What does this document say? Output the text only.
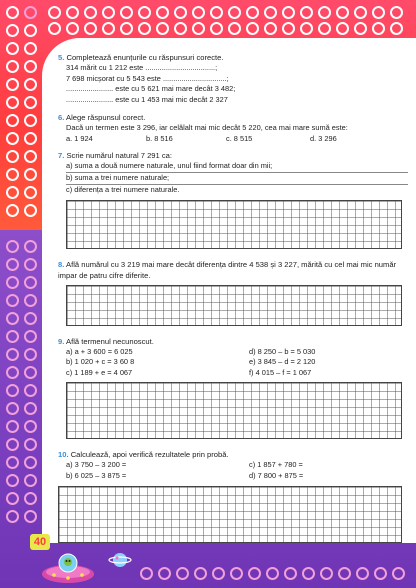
5. Completează enunțurile cu răspunsuri corecte.
314 mărit cu 1 212 este ..................................;
7 698 micșorat cu 5 543 este ...............................;
....................... este cu 5 621 mai mare decât 3 482;
....................... este cu 1 453 mai mic decât 2 327
6. Alege răspunsul corect.
Dacă un termen este 3 296, iar celălalt mai mic decât 5 220, cea mai mare sumă este:
a. 1 924	b. 8 516	c. 8 515	d. 3 296
7. Scrie numărul natural 7 291 ca:
a) suma a două numere naturale, unul fiind format doar din mii;
b) suma a trei numere naturale;
c) diferența a trei numere naturale.
8. Află numărul cu 3 219 mai mare decât diferența dintre 4 538 și 3 227, mărită cu cel mai mic număr impar de patru cifre diferite.
9. Află termenul necunoscut.
a) a + 3 600 = 6 025
b) 1 020 + c = 3 60 8
c) 1 189 + e = 4 067
d) 8 250 – b = 5 030
e) 3 845 – d = 2 120
f) 4 015 – f = 1 067
10. Calculează, apoi verifică rezultatele prin probă.
a) 3 750 – 3 200 =
b) 6 025 – 3 875 =
c) 1 857 + 780 =
d) 7 800 + 875 =
40
